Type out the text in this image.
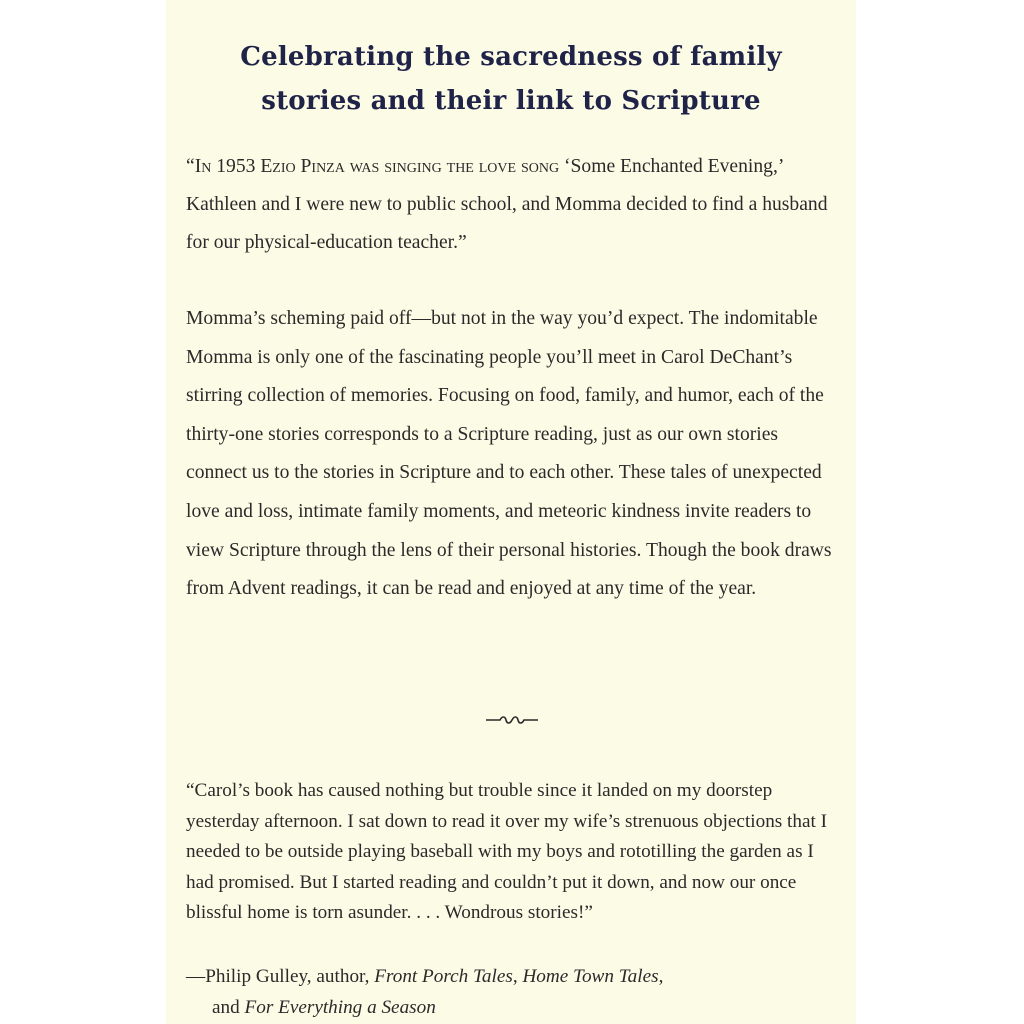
Celebrating the sacredness of family
stories and their link to Scripture

“In 1953 Ezio Pinza was singing the love song ‘Some Enchanted Evening,’ Kathleen and I were new to public school, and Momma decided to find a husband for our physical-education teacher.”

Momma’s scheming paid off—but not in the way you’d expect. The indomitable Momma is only one of the fascinating people you’ll meet in Carol DeChant’s stirring collection of memories. Focusing on food, family, and humor, each of the thirty-one stories corresponds to a Scripture reading, just as our own stories connect us to the stories in Scripture and to each other. These tales of unexpected love and loss, intimate family moments, and meteoric kindness invite readers to view Scripture through the lens of their personal histories. Though the book draws from Advent readings, it can be read and enjoyed at any time of the year.

“Carol’s book has caused nothing but trouble since it landed on my doorstep yesterday afternoon. I sat down to read it over my wife’s strenuous objections that I needed to be outside playing baseball with my boys and rototilling the garden as I had promised. But I started reading and couldn’t put it down, and now our once blissful home is torn asunder. . . . Wondrous stories!”

—Philip Gulley, author, Front Porch Tales, Home Town Tales,
and For Everything a Season
